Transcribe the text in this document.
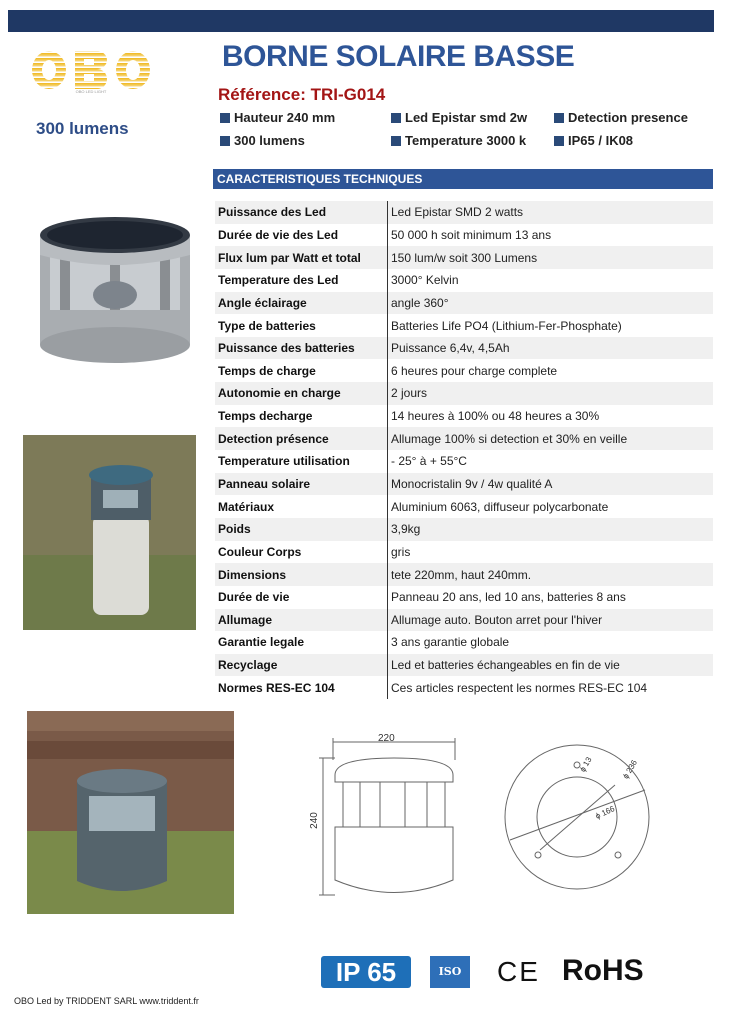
OBO LED LIGHT
300 lumens
BORNE SOLAIRE BASSE
Référence: TRI-G014
Hauteur 240 mm	Led Epistar smd 2w	Detection presence
300 lumens	Temperature 3000 k	IP65 / IK08
CARACTERISTIQUES TECHNIQUES
Puissance des Led	Led Epistar SMD 2 watts
Durée de vie des Led	50 000 h soit minimum 13 ans
Flux lum par Watt et total	150 lum/w soit 300 Lumens
Temperature des Led	3000° Kelvin
Angle éclairage	angle 360°
Type de batteries	Batteries Life PO4 (Lithium-Fer-Phosphate)
Puissance des batteries	Puissance 6,4v, 4,5Ah
Temps de charge	6 heures pour charge complete
Autonomie en charge	2 jours
Temps decharge	14 heures à 100% ou 48 heures a 30%
Detection présence	Allumage 100% si detection et 30% en veille
Temperature utilisation	- 25° à + 55°C
Panneau solaire	Monocristalin 9v / 4w qualité A
Matériaux	Aluminium 6063, diffuseur polycarbonate
Poids	3,9kg
Couleur Corps	gris
Dimensions	tete 220mm, haut 240mm.
Durée de vie	Panneau 20 ans, led 10 ans, batteries 8 ans
Allumage	Allumage auto. Bouton arret pour l'hiver
Garantie legale	3 ans garantie globale
Recyclage	Led et batteries échangeables en fin de vie
Normes RES-EC 104	Ces articles respectent les normes RES-EC 104
220
240
ϕ 13	ϕ 236
ϕ 166
IP 65	ISO	CE RoHS
OBO Led by TRIDDENT SARL www.triddent.fr
